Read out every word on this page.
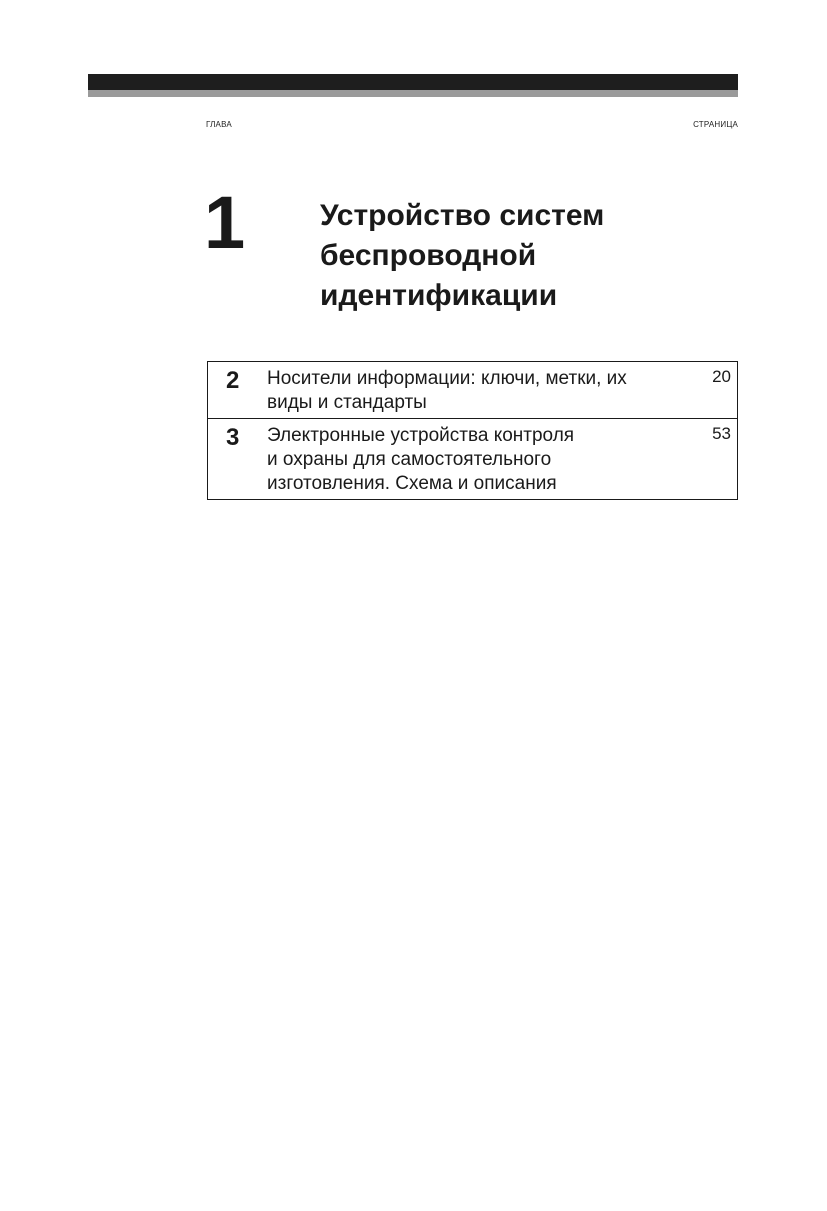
ГЛАВА	СТРАНИЦА
1 Устройство систем
беспроводной
идентификации
2 Носители информации: ключи, метки, их
виды и стандарты
20
3 Электронные устройства контроля
и охраны для самостоятельного
изготовления. Схема и описания
53
